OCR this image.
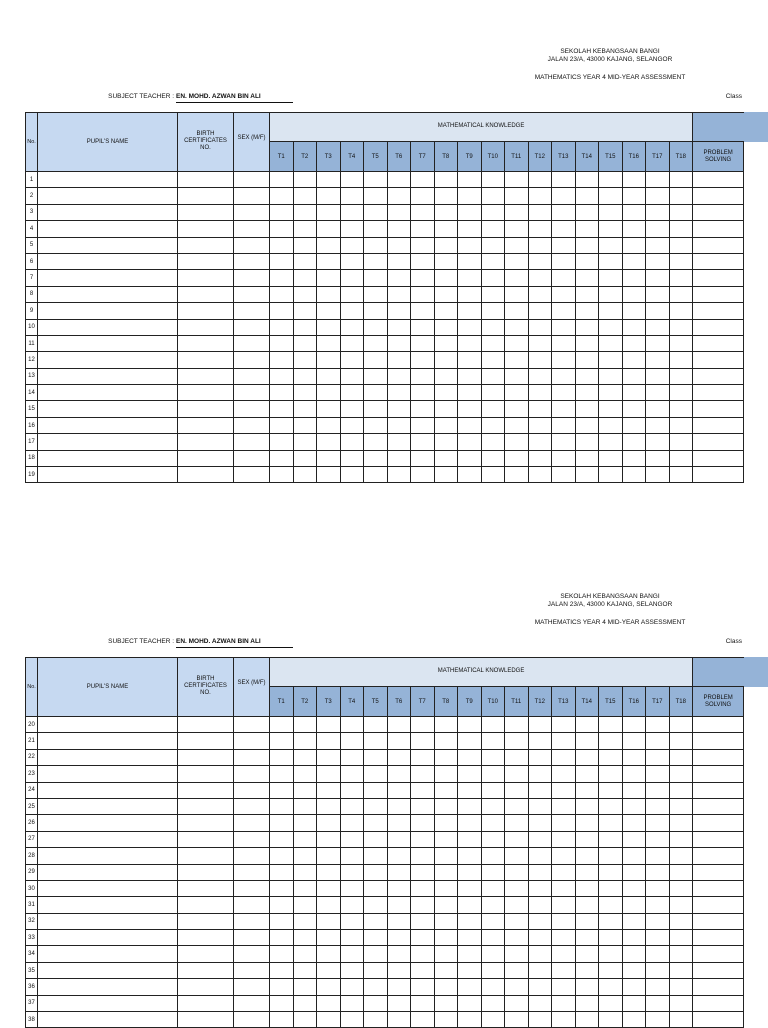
SEKOLAH KEBANGSAAN BANGI
JALAN 23/A, 43000 KAJANG, SELANGOR
MATHEMATICS YEAR 4 MID-YEAR ASSESSMENT
SUBJECT TEACHER : EN. MOHD. AZWAN BIN ALI	Class
No.	PUPIL'S NAME	BIRTH CERTIFICATES NO.	SEX (M/F)	MATHEMATICAL KNOWLEDGE																		
				T1	T2	T3	T4	T5	T6	T7	T8	T9	T10	T11	T12	T13	T14	T15	T16	T17	T18	PROBLEM SOLVING
1																						
2																						
3																						
4																						
5																						
6																						
7																						
8																						
9																						
10																						
11																						
12																						
13																						
14																						
15																						
16																						
17																						
18																						
19																						
SEKOLAH KEBANGSAAN BANGI
JALAN 23/A, 43000 KAJANG, SELANGOR
MATHEMATICS YEAR 4 MID-YEAR ASSESSMENT
SUBJECT TEACHER : EN. MOHD. AZWAN BIN ALI	Class
No.	PUPIL'S NAME	BIRTH CERTIFICATES NO.	SEX (M/F)	MATHEMATICAL KNOWLEDGE																		
				T1	T2	T3	T4	T5	T6	T7	T8	T9	T10	T11	T12	T13	T14	T15	T16	T17	T18	PROBLEM SOLVING
20																						
21																						
22																						
23																						
24																						
25																						
26																						
27																						
28																						
29																						
30																						
31																						
32																						
33																						
34																						
35																						
36																						
37																						
38																						
